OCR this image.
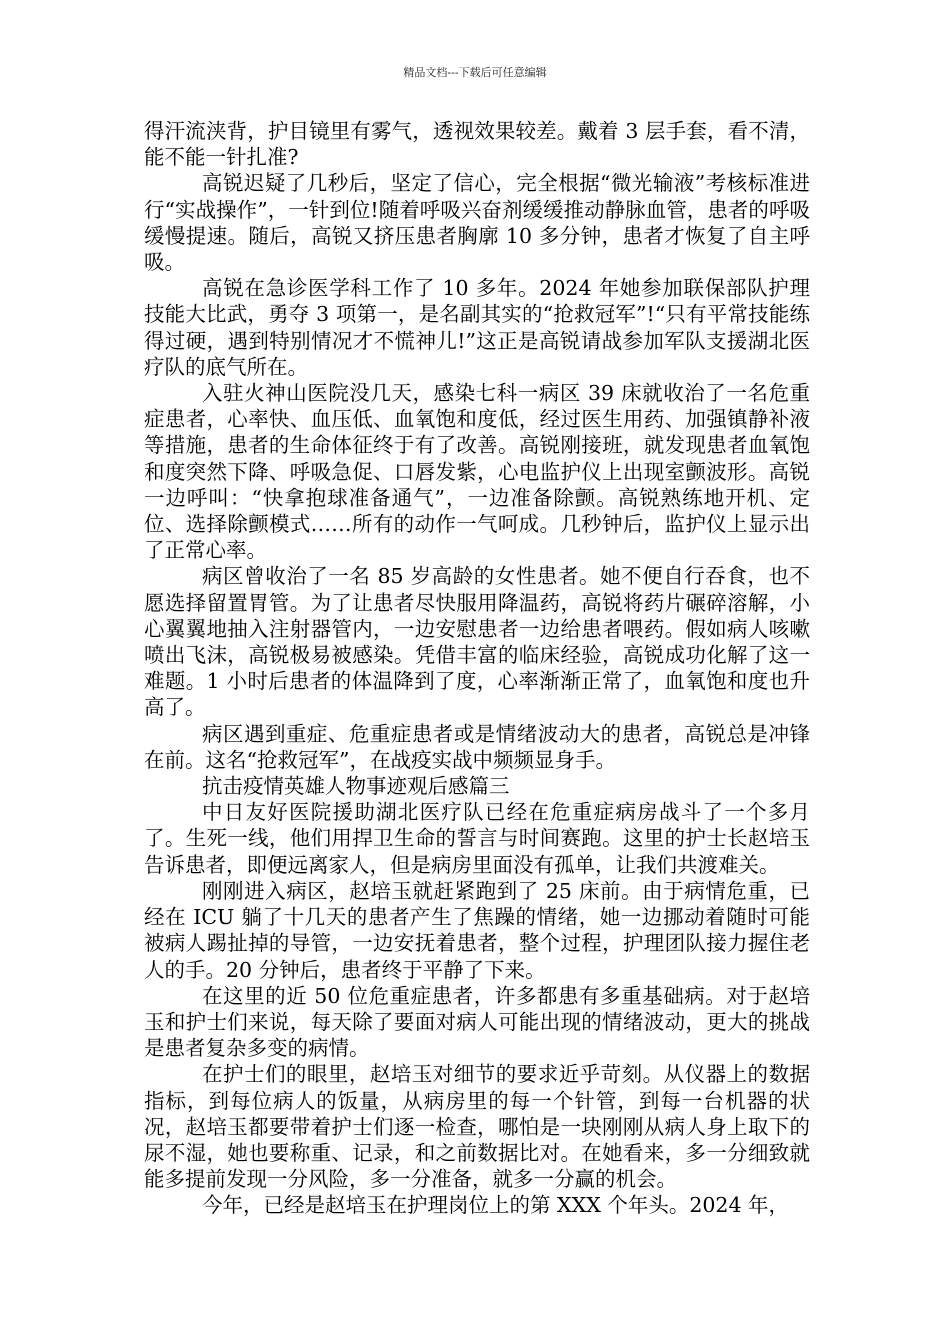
精品文档---下载后可任意编辑

得汗流浃背，护目镜里有雾气，透视效果较差。戴着 3 层手套，看不清，能不能一针扎准?

高锐迟疑了几秒后，坚定了信心，完全根据“微光输液”考核标准进行“实战操作”，一针到位!随着呼吸兴奋剂缓缓推动静脉血管，患者的呼吸缓慢提速。随后，高锐又挤压患者胸廓 10 多分钟，患者才恢复了自主呼吸。

高锐在急诊医学科工作了 10 多年。2024 年她参加联保部队护理技能大比武，勇夺 3 项第一，是名副其实的“抢救冠军”!“只有平常技能练得过硬，遇到特别情况才不慌神儿!”这正是高锐请战参加军队支援湖北医疗队的底气所在。

入驻火神山医院没几天，感染七科一病区 39 床就收治了一名危重症患者，心率快、血压低、血氧饱和度低，经过医生用药、加强镇静补液等措施，患者的生命体征终于有了改善。高锐刚接班，就发现患者血氧饱和度突然下降、呼吸急促、口唇发紫，心电监护仪上出现室颤波形。高锐一边呼叫：“快拿抱球准备通气”，一边准备除颤。高锐熟练地开机、定位、选择除颤模式……所有的动作一气呵成。几秒钟后，监护仪上显示出了正常心率。

病区曾收治了一名 85 岁高龄的女性患者。她不便自行吞食，也不愿选择留置胃管。为了让患者尽快服用降温药，高锐将药片碾碎溶解，小心翼翼地抽入注射器管内，一边安慰患者一边给患者喂药。假如病人咳嗽喷出飞沫，高锐极易被感染。凭借丰富的临床经验，高锐成功化解了这一难题。1 小时后患者的体温降到了度，心率渐渐正常了，血氧饱和度也升高了。

病区遇到重症、危重症患者或是情绪波动大的患者，高锐总是冲锋在前。这名“抢救冠军”，在战疫实战中频频显身手。

抗击疫情英雄人物事迹观后感篇三

中日友好医院援助湖北医疗队已经在危重症病房战斗了一个多月了。生死一线，他们用捍卫生命的誓言与时间赛跑。这里的护士长赵培玉告诉患者，即便远离家人，但是病房里面没有孤单，让我们共渡难关。

刚刚进入病区，赵培玉就赶紧跑到了 25 床前。由于病情危重，已经在 ICU 躺了十几天的患者产生了焦躁的情绪，她一边挪动着随时可能被病人踢扯掉的导管，一边安抚着患者，整个过程，护理团队接力握住老人的手。20 分钟后，患者终于平静了下来。

在这里的近 50 位危重症患者，许多都患有多重基础病。对于赵培玉和护士们来说，每天除了要面对病人可能出现的情绪波动，更大的挑战是患者复杂多变的病情。

在护士们的眼里，赵培玉对细节的要求近乎苛刻。从仪器上的数据指标，到每位病人的饭量，从病房里的每一个针管，到每一台机器的状况，赵培玉都要带着护士们逐一检查，哪怕是一块刚刚从病人身上取下的尿不湿，她也要称重、记录，和之前数据比对。在她看来，多一分细致就能多提前发现一分风险，多一分准备，就多一分赢的机会。

今年，已经是赵培玉在护理岗位上的第 XXX 个年头。2024 年，
